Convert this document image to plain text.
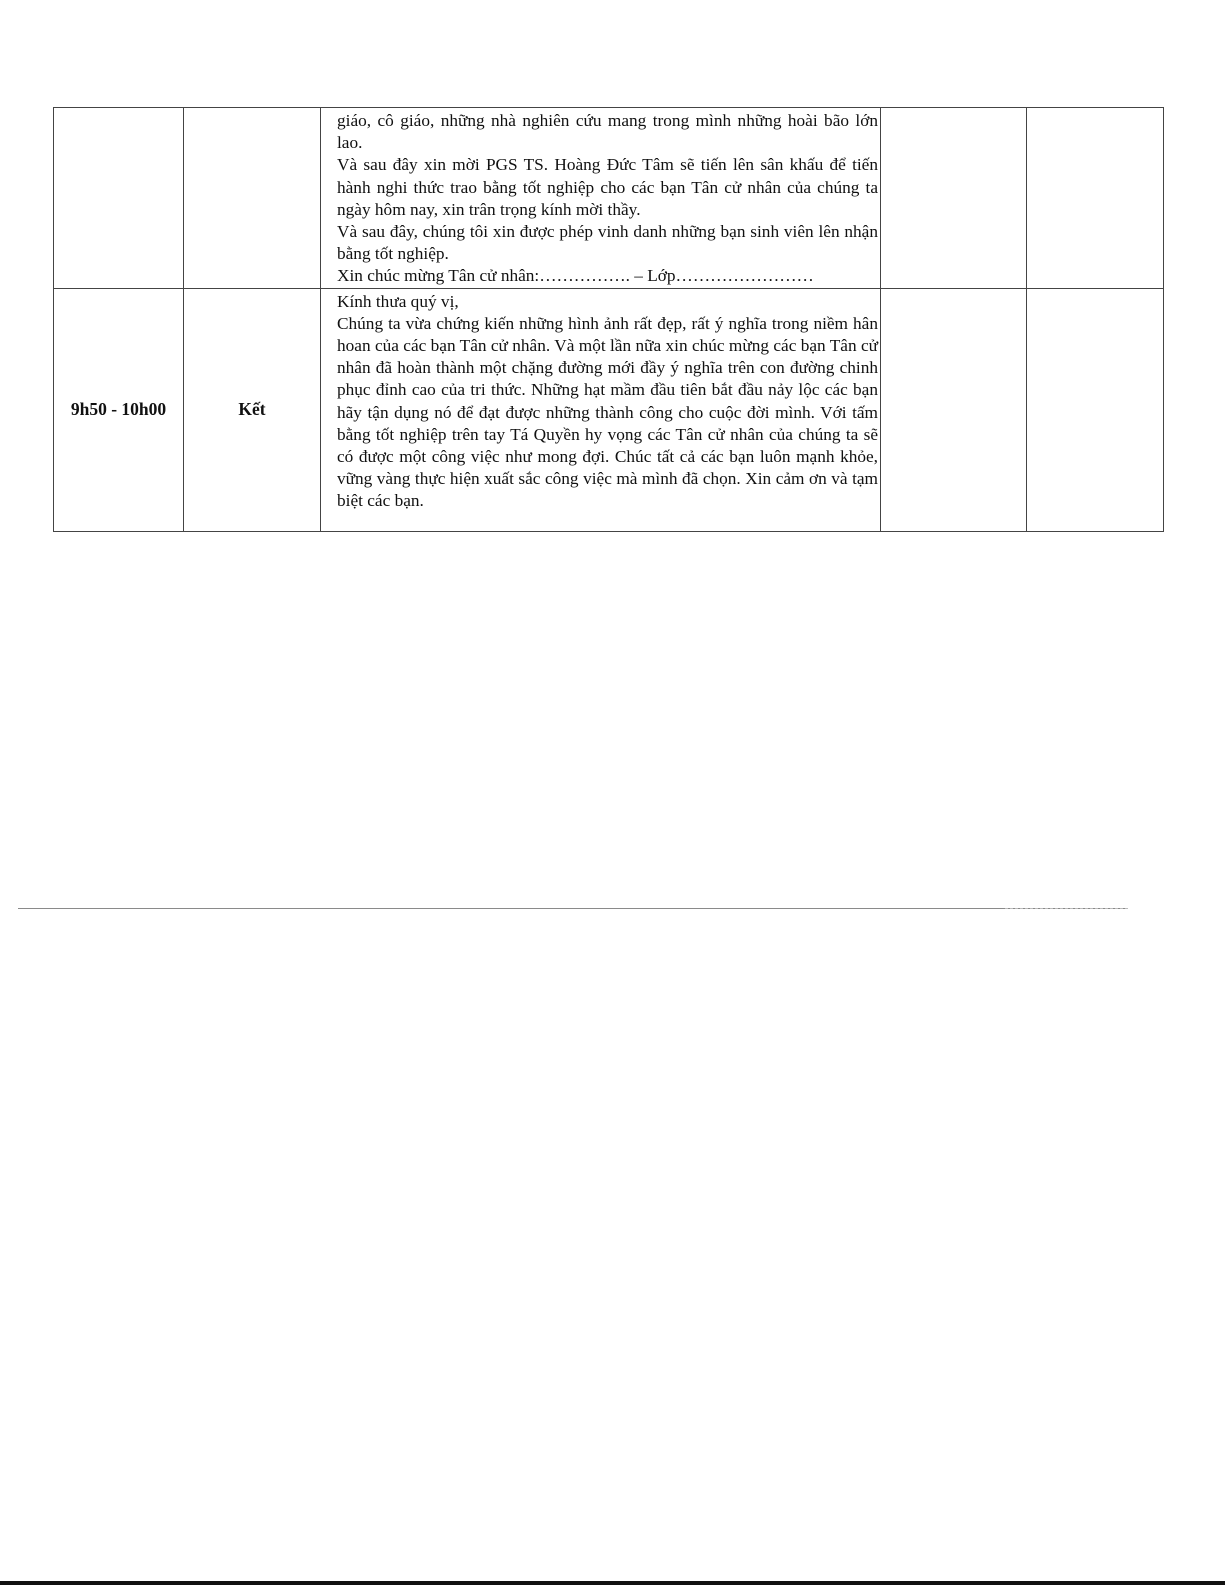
		giáo, cô giáo, những nhà nghiên cứu mang trong mình những hoài bão lớn lao.

Và sau đây xin mời PGS TS. Hoàng Đức Tâm sẽ tiến lên sân khấu để tiến hành nghi thức trao bằng tốt nghiệp cho các bạn Tân cử nhân của chúng ta ngày hôm nay, xin trân trọng kính mời thầy.

Và sau đây, chúng tôi xin được phép vinh danh những bạn sinh viên lên nhận bằng tốt nghiệp.

Xin chúc mừng Tân cử nhân:……………. – Lớp……………………		

9h50 - 10h00	Kết	Kính thưa quý vị,

Chúng ta vừa chứng kiến những hình ảnh rất đẹp, rất ý nghĩa trong niềm hân hoan của các bạn Tân cử nhân. Và một lần nữa xin chúc mừng các bạn Tân cử nhân đã hoàn thành một chặng đường mới đầy ý nghĩa trên con đường chinh phục đỉnh cao của tri thức. Những hạt mầm đầu tiên bắt đầu nảy lộc các bạn hãy tận dụng nó để đạt được những thành công cho cuộc đời mình. Với tấm bằng tốt nghiệp trên tay Tá Quyền hy vọng các Tân cử nhân của chúng ta sẽ có được một công việc như mong đợi. Chúc tất cả các bạn luôn mạnh khỏe, vững vàng thực hiện xuất sắc công việc mà mình đã chọn. Xin cảm ơn và tạm biệt các bạn.		
